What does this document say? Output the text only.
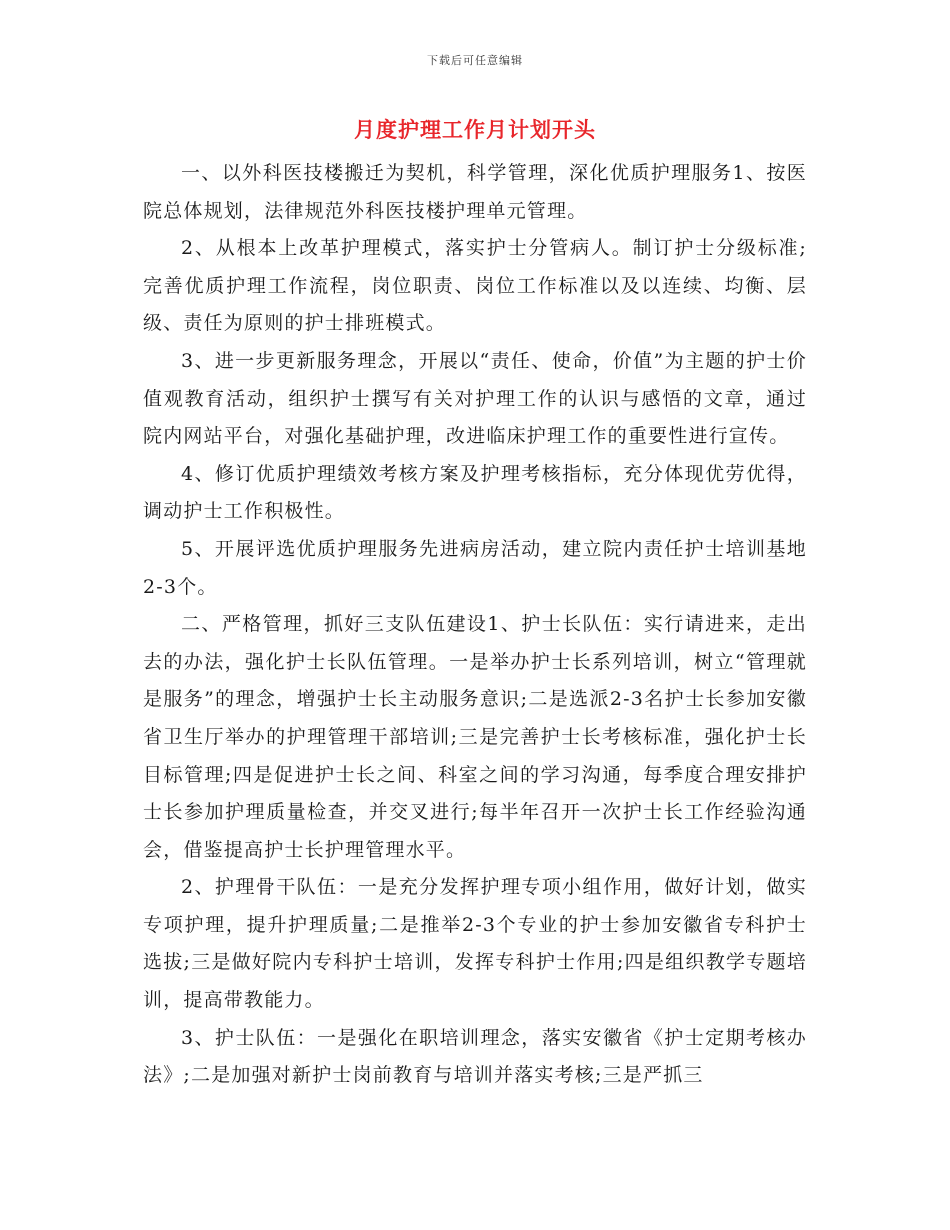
下载后可任意编辑
月度护理工作月计划开头

一、以外科医技楼搬迁为契机，科学管理，深化优质护理服务1、按医院总体规划，法律规范外科医技楼护理单元管理。

2、从根本上改革护理模式，落实护士分管病人。制订护士分级标准;完善优质护理工作流程，岗位职责、岗位工作标准以及以连续、均衡、层级、责任为原则的护士排班模式。

3、进一步更新服务理念，开展以“责任、使命，价值”为主题的护士价值观教育活动，组织护士撰写有关对护理工作的认识与感悟的文章，通过院内网站平台，对强化基础护理，改进临床护理工作的重要性进行宣传。

4、修订优质护理绩效考核方案及护理考核指标，充分体现优劳优得，调动护士工作积极性。

5、开展评选优质护理服务先进病房活动，建立院内责任护士培训基地2-3个。

二、严格管理，抓好三支队伍建设1、护士长队伍：实行请进来，走出去的办法，强化护士长队伍管理。一是举办护士长系列培训，树立“管理就是服务”的理念，增强护士长主动服务意识;二是选派2-3名护士长参加安徽省卫生厅举办的护理管理干部培训;三是完善护士长考核标准，强化护士长目标管理;四是促进护士长之间、科室之间的学习沟通，每季度合理安排护士长参加护理质量检查，并交叉进行;每半年召开一次护士长工作经验沟通会，借鉴提高护士长护理管理水平。

2、护理骨干队伍：一是充分发挥护理专项小组作用，做好计划，做实专项护理，提升护理质量;二是推举2-3个专业的护士参加安徽省专科护士选拔;三是做好院内专科护士培训，发挥专科护士作用;四是组织教学专题培训，提高带教能力。

3、护士队伍：一是强化在职培训理念，落实安徽省《护士定期考核办法》;二是加强对新护士岗前教育与培训并落实考核;三是严抓三
